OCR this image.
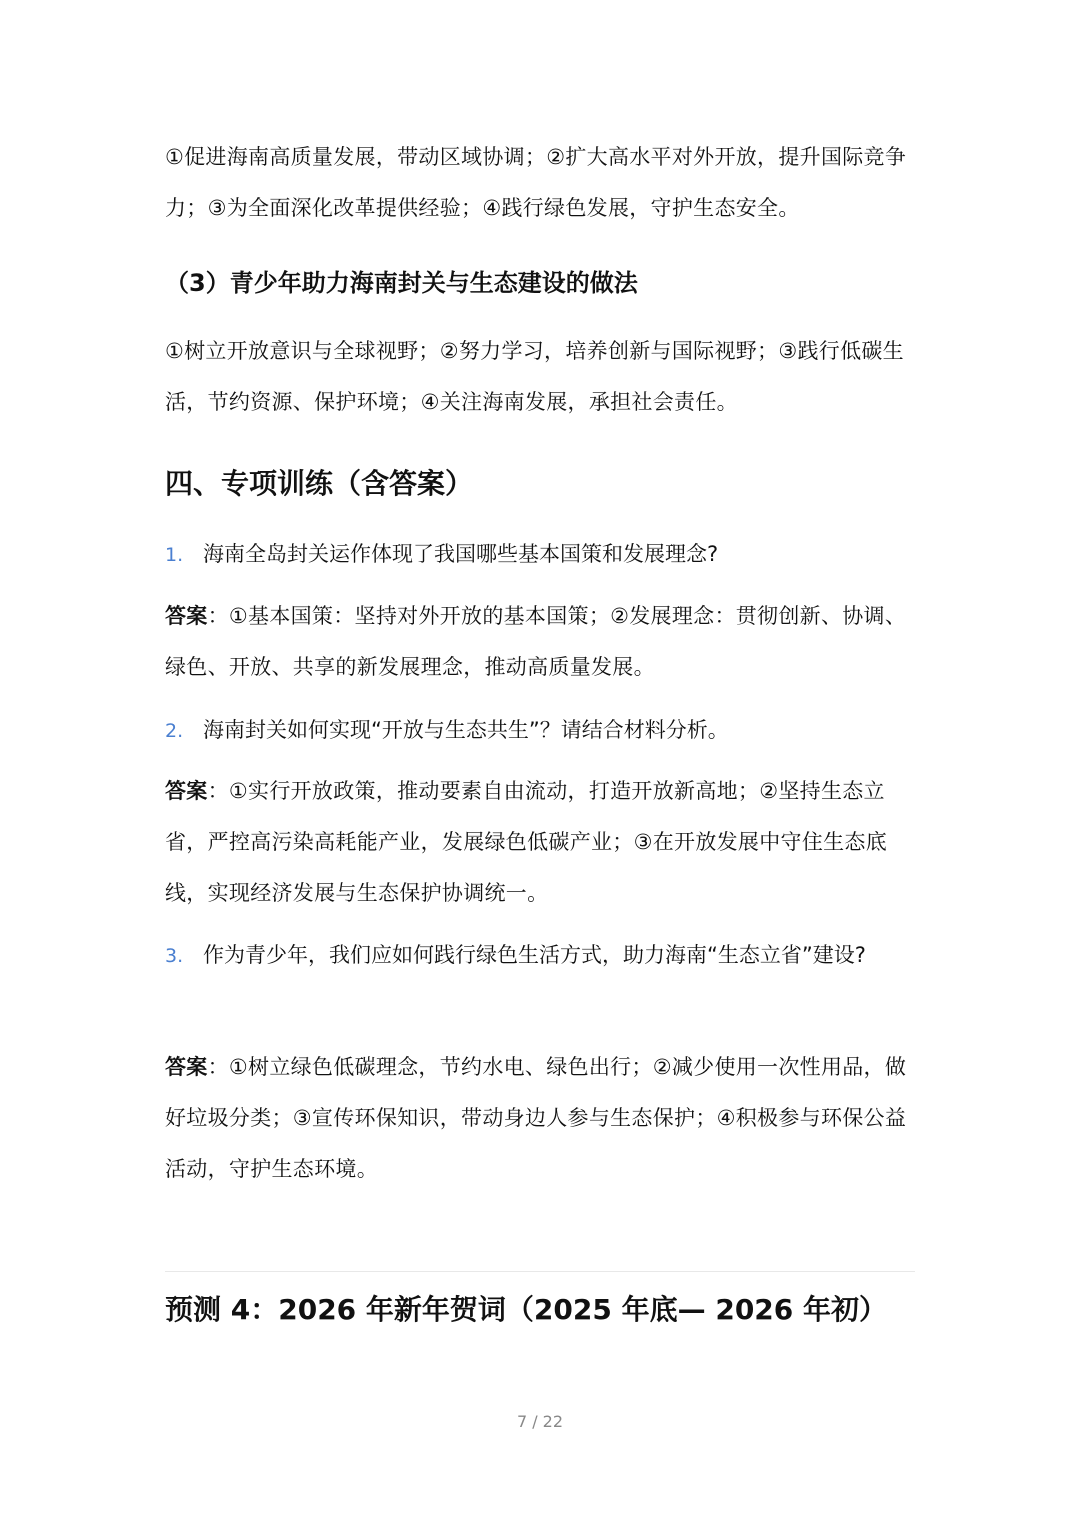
①促进海南高质量发展，带动区域协调；②扩大高水平对外开放，提升国际竞争力；③为全面深化改革提供经验；④践行绿色发展，守护生态安全。

（3）青少年助力海南封关与生态建设的做法

①树立开放意识与全球视野；②努力学习，培养创新与国际视野；③践行低碳生活，节约资源、保护环境；④关注海南发展，承担社会责任。

四、专项训练（含答案）

1. 海南全岛封关运作体现了我国哪些基本国策和发展理念?

答案：①基本国策：坚持对外开放的基本国策；②发展理念：贯彻创新、协调、绿色、开放、共享的新发展理念，推动高质量发展。

2. 海南封关如何实现“开放与生态共生”？请结合材料分析。

答案：①实行开放政策，推动要素自由流动，打造开放新高地；②坚持生态立省，严控高污染高耗能产业，发展绿色低碳产业；③在开放发展中守住生态底线，实现经济发展与生态保护协调统一。

3. 作为青少年，我们应如何践行绿色生活方式，助力海南“生态立省”建设?

答案：①树立绿色低碳理念，节约水电、绿色出行；②减少使用一次性用品，做好垃圾分类；③宣传环保知识，带动身边人参与生态保护；④积极参与环保公益活动，守护生态环境。

预测 4：2026 年新年贺词（2025 年底— 2026 年初）
7 / 22
